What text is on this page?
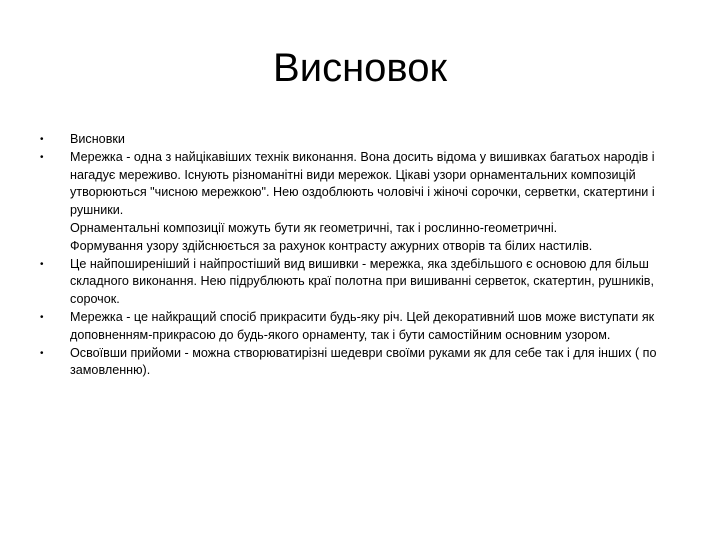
Висновок
•	Висновки
•	Мережка - одна з найцікавіших технік виконання. Вона досить відома у вишивках багатьох народів і нагадує мереживо. Існують різноманітні види мережок. Цікаві узори орнаментальних композицій утворюються "чисною мережкою". Нею оздоблюють чоловічі і жіночі сорочки, серветки, скатертини і рушники.
Орнаментальні композиції можуть бути як геометричні, так і рослинно-геометричні.
Формування узору здійснюється за рахунок контрасту ажурних отворів та білих настилів.
•	Це найпоширеніший і найпростіший вид вишивки - мережка, яка здебільшого є основою для більш складного виконання. Нею підрублюють краї полотна при вишиванні серветок, скатертин, рушників, сорочок.
•	Мережка - це найкращий спосіб прикрасити будь-яку річ. Цей декоративний шов може виступати як доповненням-прикрасою до будь-якого орнаменту, так і бути самостійним основним узором.
•	Освоївши прийоми - можна створюватирізні шедеври своїми руками як для себе так і для інших ( по замовленню).
